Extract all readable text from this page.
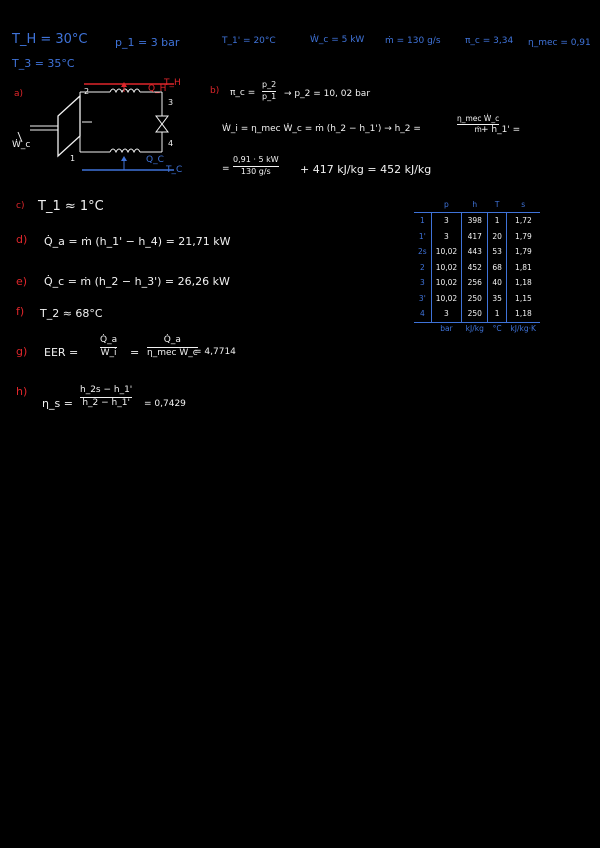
T_H = 30°C	p_1 = 3 bar	T_1' = 20°C	Ẇ_c = 5 kW ṁ = 130 g/s	π_c = 3,34 η_mec = 0,91
T_3 = 35°C
a)	Q_H
Q_C
T_H
T_C
Ẇ_c
2
3
4
1
b) π_c =
p_2
p_1 → p_2 = 10, 02 bar
Ẇ_i = η_mec Ẇ_c = ṁ (h_2 − h_1') → h_2 =
η_mec Ẇ_c
ṁ + h_1' =
=
0,91 · 5 kW
130 g/s	+ 417 kJ/kg = 452 kJ/kg
c) T_1 ≈ 1°C
d) Q̇_a = ṁ (h_1' − h_4) = 21,71 kW
e) Q̇_c = ṁ (h_2 − h_3') = 26,26 kW
f) T_2 ≈ 68°C
g) EER =
Q̇_a
Ẇ_i =
Q̇_a
η_mec Ẇ_c
= 4,7714
h)
η_s =
h_2s − h_1'
h_2 − h_1' = 0,7429
	p	h	T	s
1	3	398	1	1,72
1'	3	417	20	1,79
2s	10,02	443	53	1,79
2	10,02	452	68	1,81
3	10,02	256	40	1,18
3'	10,02	250	35	1,15
4	3	250	1	1,18
	bar	kJ/kg	°C	kJ/kg·K
